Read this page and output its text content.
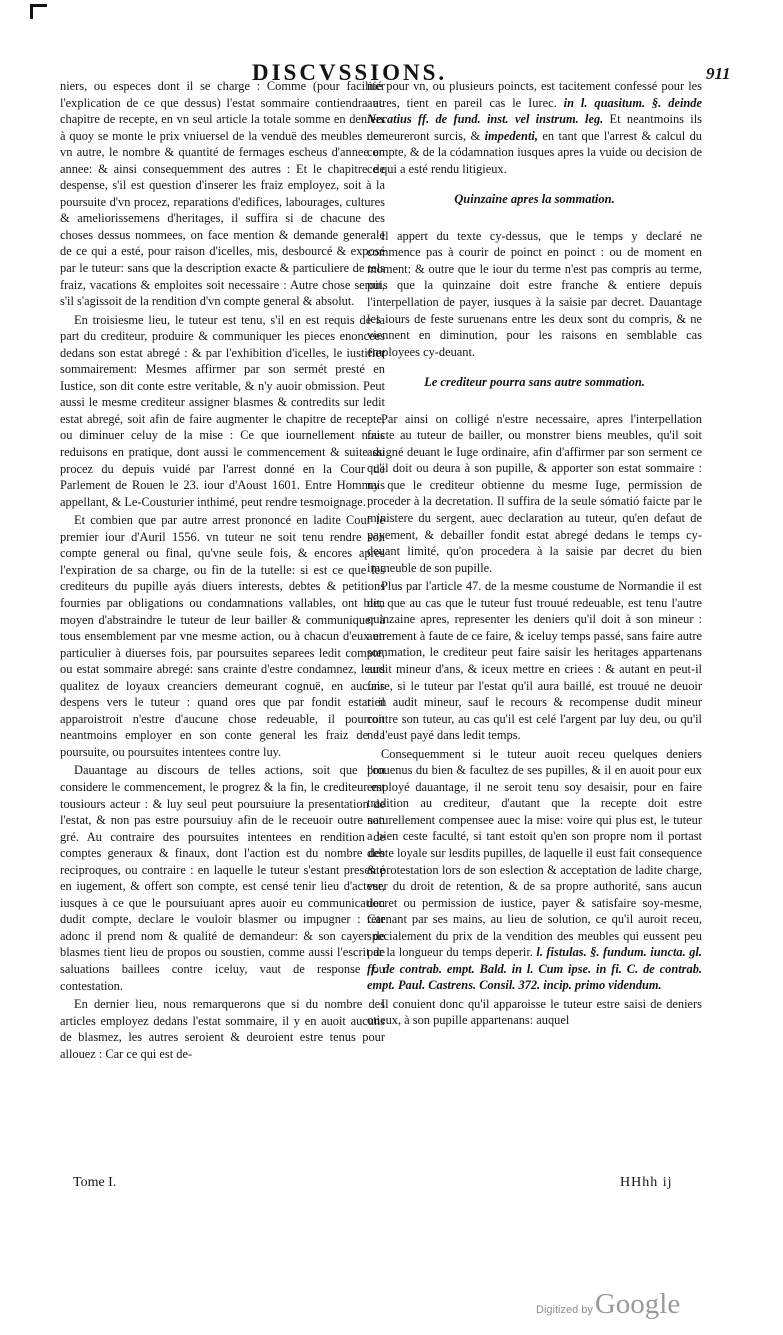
DISCVSSIONS.	911

niers, ou especes dont il se charge : Comme (pour faciliter l'explication de ce que dessus) l'estat sommaire contiendra au chapitre de recepte, en vn seul article la totale somme en deniers à quoy se monte le prix vniuersel de la venduë des meubles : en vn autre, le nombre & quantité de fermages escheus d'annee en annee: & ainsi consequemment des autres : Et le chapitre de despense, s'il est question d'inserer les fraiz employez, soit à la poursuite d'vn procez, reparations d'edifices, labourages, cultures & ameliorissemens d'heritages, il suffira si de chacune des choses dessus nommees, on face mention & demande generale de ce qui a esté, pour raison d'icelles, mis, desbourcé & exposé par le tuteur: sans que la description exacte & particuliere de tels fraiz, vacations & emploites soit necessaire : Autre chose seroit, s'il s'agissoit de la rendition d'vn compte general & absolut.

En troisiesme lieu, le tuteur est tenu, s'il en est requis de la part du crediteur, produire & communiquer les pieces enoncees dedans son estat abregé : & par l'exhibition d'icelles, le iustifier sommairement: Mesmes affirmer par son sermét presté en Iustice, son dit conte estre veritable, & n'y auoir obmission. Peut aussi le mesme crediteur assigner blasmes & contredits sur ledit estat abregé, soit afin de faire augmenter le chapitre de recepte, ou diminuer celuy de la mise : Ce que iournellement nous reduisons en pratique, dont aussi le commencement & suite du procez du depuis vuidé par l'arrest donné en la Cour de Parlement de Rouen le 23. iour d'Aoust 1601. Entre Hommais appellant, & Le-Cousturier inthimé, peut rendre tesmoignage.

Et combien que par autre arrest prononcé en ladite Cour le premier iour d'Auril 1556. vn tuteur ne soit tenu rendre son compte general ou final, qu'vne seule fois, & encores apres l'expiration de sa charge, ou fin de la tutelle: si est ce que les crediteurs du pupille ayás diuers interests, debtes & petitions fournies par obligations ou condamnations vallables, ont bien moyen d'abstraindre le tuteur de leur bailler & communiquer à tous ensemblement par vne mesme action, ou à chacun d'eux en particulier à diuerses fois, par poursuites separees ledit compte, ou estat sommaire abregé: sans crainte d'estre condamnez, leurs qualitez de loyaux creanciers demeurant cognuë, en aucuns despens vers le tuteur : quand ores que par fondit estat il apparoistroit n'estre d'aucune chose redeuable, il pourroit neantmoins employer en son conte general les fraiz de la poursuite, ou poursuites intentees contre luy.

Dauantage au discours de telles actions, soit que l'on considere le commencement, le progrez & la fin, le crediteur est tousiours acteur : & luy seul peut poursuiure la presentation de l'estat, & non pas estre poursuiuy afin de le receuoir outre son gré. Au contraire des poursuites intentees en rendition de comptes generaux & finaux, dont l'action est du nombre des reciproques, ou contraire : en laquelle le tuteur s'estant presenté en iugement, & offert son compte, est censé tenir lieu d'acteur, iusques à ce que le poursuiuant apres auoir eu communication dudit compte, declare le vouloir blasmer ou impugner : Car adonc il prend nom & qualité de demandeur: & son cayer de blasmes tient lieu de propos ou soustien, comme aussi l'escrit de saluations baillees contre iceluy, vaut de response ou contestation.

En dernier lieu, nous remarquerons que si du nombre des articles employez dedans l'estat sommaire, il y en auoit aucuns de blasmez, les autres seroient & deuroient estre tenus pour allouez : Car ce qui est de-

nié pour vn, ou plusieurs poincts, est tacitement confessé pour les autres, tient en pareil cas le Iurec. in l. quasitum. §. deinde Necatius ff. de fund. inst. vel instrum. leg. Et neantmoins ils demeureront surcis, & impedenti, en tant que l'arrest & calcul du compte, & de la códamnation iusques apres la vuide ou decision de ce qui a esté rendu litigieux.

Quinzaine apres la sommation.

Il appert du texte cy-dessus, que le temps y declaré ne commence pas à courir de poinct en poinct : ou de moment en moment: & outre que le iour du terme n'est pas compris au terme, puis que la quinzaine doit estre franche & entiere depuis l'interpellation de payer, iusques à la saisie par decret. Dauantage les iours de feste suruenans entre les deux sont du compris, & ne viennent en diminution, pour les raisons en semblable cas employees cy-deuant.

Le crediteur pourra sans autre sommation.

Par ainsi on colligé n'estre necessaire, apres l'interpellation faicte au tuteur de bailler, ou monstrer biens meubles, qu'il soit assigné deuant le Iuge ordinaire, afin d'affirmer par son serment ce qu'il doit ou deura à son pupille, & apporter son estat sommaire : ny que le crediteur obtienne du mesme Iuge, permission de proceder à la decretation. Il suffira de la seule sómatió faicte par le ministere du sergent, auec declaration au tuteur, qu'en defaut de payement, & debailler fondit estat abregé dedans le temps cy-deuant limité, qu'on procedera à la saisie par decret du bien immeuble de son pupille.

Plus par l'article 47. de la mesme coustume de Normandie il est dit, que au cas que le tuteur fust trouué redeuable, est tenu l'autre quinzaine apres, representer les deniers qu'il doit à son mineur : autrement à faute de ce faire, & iceluy temps passé, sans faire autre sommation, le crediteur peut faire saisir les heritages appartenans audit mineur d'ans, & iceux mettre en criees : & autant en peut-il faire, si le tuteur par l'estat qu'il aura baillé, est trouué ne deuoir rien audit mineur, sauf le recours & recompense dudit mineur contre son tuteur, au cas qu'il est celé l'argent par luy deu, ou qu'il ne l'eust payé dans ledit temps.

Consequemment si le tuteur auoit receu quelques deniers prouenus du bien & facultez de ses pupilles, & il en auoit pour eux employé dauantage, il ne seroit tenu soy desaisir, pour en faire tradition au crediteur, d'autant que la recepte doit estre naturellement compensee auec la mise: voire qui plus est, le tuteur a bien ceste faculté, si tant estoit qu'en son propre nom il portast debte loyale sur lesdits pupilles, de laquelle il eust fait consequence & protestation lors de son eslection & acceptation de ladite charge, vser du droit de retention, & de sa propre authorité, sans aucun decret ou permission de iustice, payer & satisfaire soy-mesme, retenant par ses mains, au lieu de solution, ce qu'il auroit receu, specialement du prix de la vendition des meubles qui eussent peu par la longueur du temps deperir. l. fistulas. §. fundum. iuncta. gl. ff. de contrab. empt. Bald. in l. Cum ipse. in fi. C. de contrab. empt. Paul. Castrens. Consil. 372. incip. primo videndum.

Il conuient donc qu'il apparoisse le tuteur estre saisi de deniers otieux, à son pupille appartenans: auquel

Tome I.	HHhh ij
Digitized by Google
